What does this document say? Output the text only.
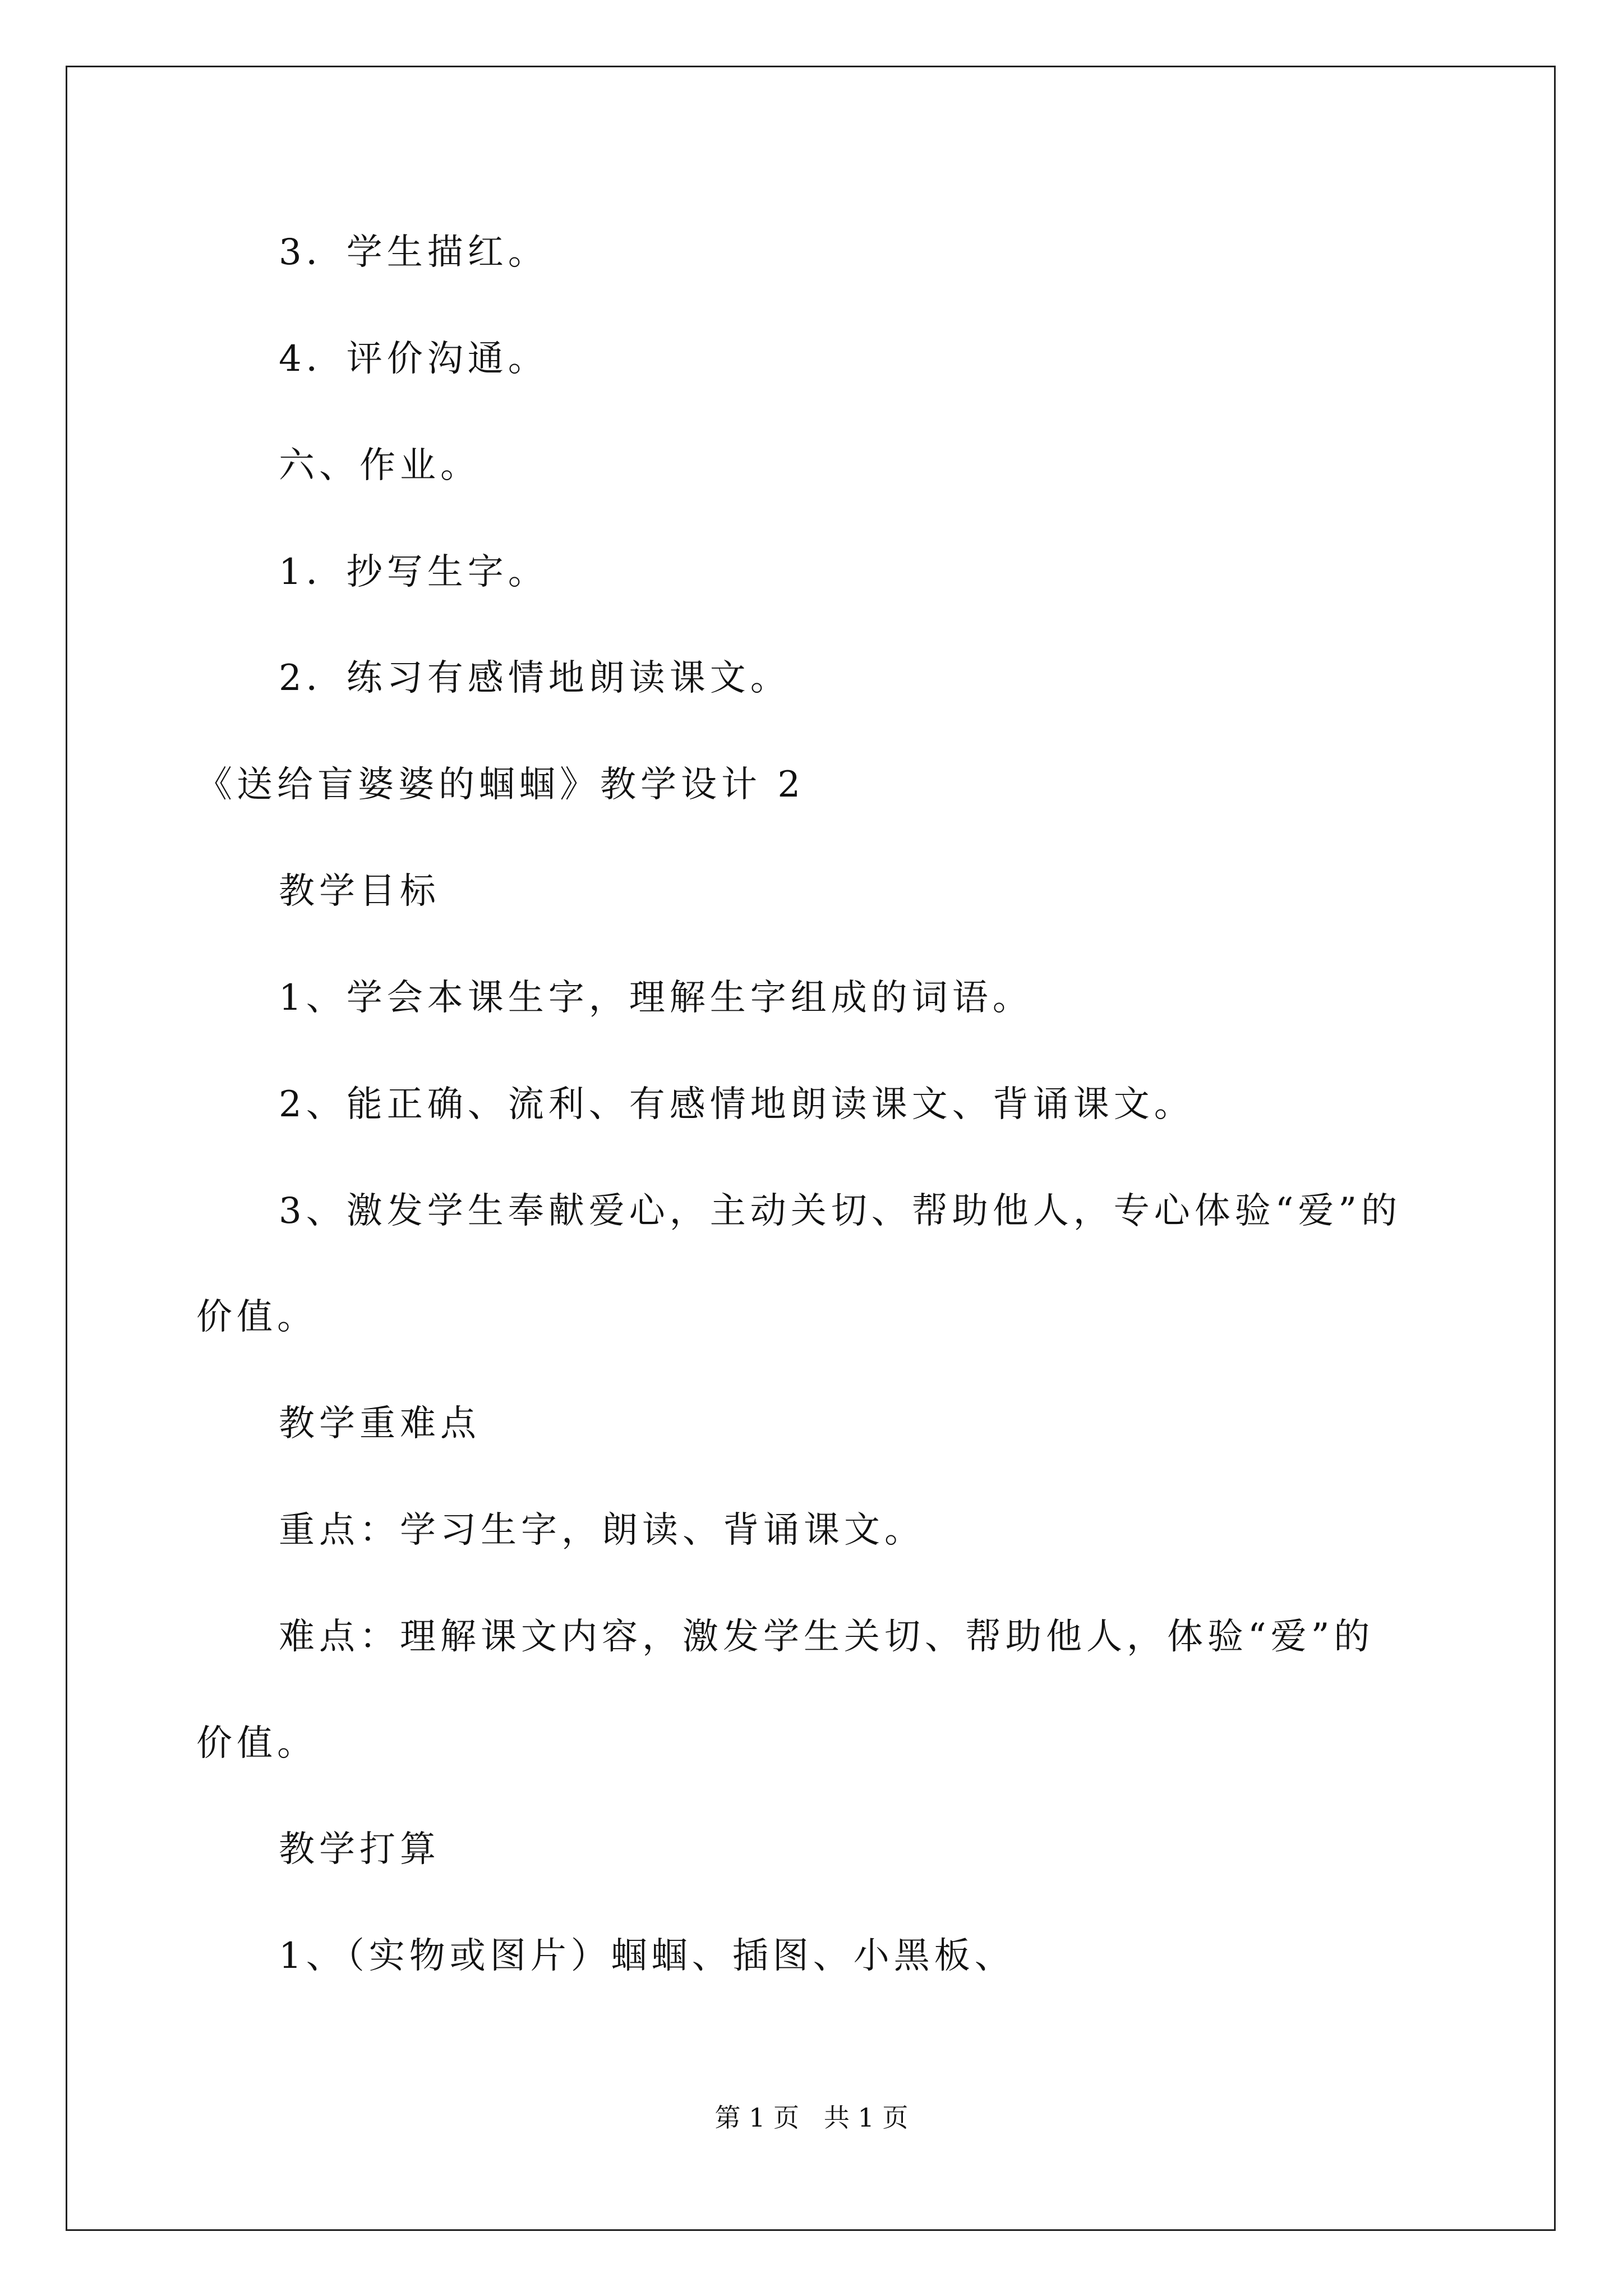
3．学生描红。
4．评价沟通。
六、作业。
1．抄写生字。
2．练习有感情地朗读课文。
《送给盲婆婆的蝈蝈》教学设计 2
教学目标
1、学会本课生字，理解生字组成的词语。
2、能正确、流利、有感情地朗读课文、背诵课文。
3、激发学生奉献爱心，主动关切、帮助他人，专心体验“爱”的
价值。
教学重难点
重点：学习生字，朗读、背诵课文。
难点：理解课文内容，激发学生关切、帮助他人，体验“爱”的
价值。
教学打算
1、（实物或图片）蝈蝈、插图、小黑板、
第 1 页   共 1 页
